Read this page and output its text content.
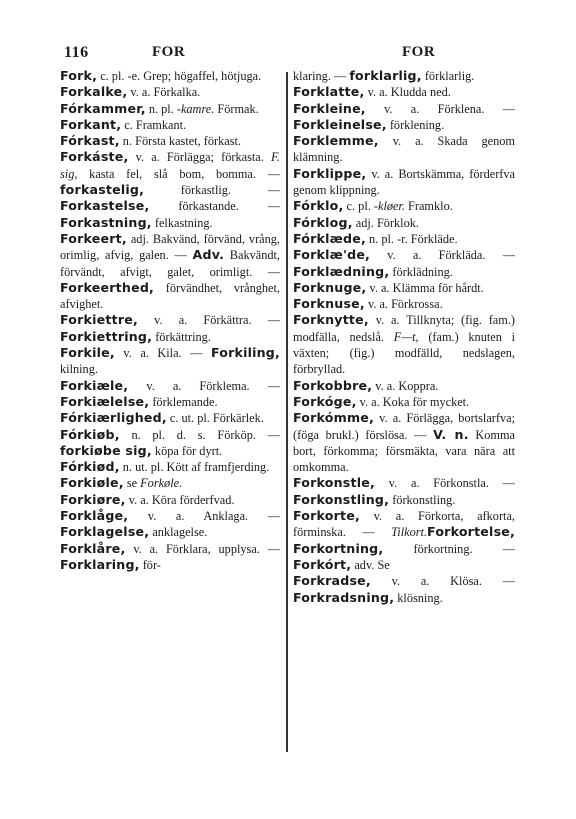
116	FOR	FOR

Fork, c. pl. -e. Grep; högaffel, hötjuga.

Forkalke, v. a. Förkalka.

Fórkammer, n. pl. -kamre. Förmak.

Forkant, c. Framkant.

Fórkast, n. Första kastet, förkast.

Forkáste, v. a. Förlägga; förkasta. F. sig, kasta fel, slå bom, bomma. — forkastelig, förkastlig. — Forkastelse, förkastande. — Forkastning, felkastning.

Forkeert, adj. Bakvänd, förvänd, vrång, orimlig, afvig, galen. — Adv. Bakvändt, förvändt, afvigt, galet, orimligt. — Forkeerthed, förvändhet, vrånghet, afvighet.

Forkiettre, v. a. Förkättra. — Forkiettring, förkättring.

Forkile, v. a. Kila. — Forkiling, kilning.

Forkiæle, v. a. Förklema. — Forkiælelse, förklemande.

Fórkiærlighed, c. ut. pl. Förkärlek.

Fórkiøb, n. pl. d. s. Förköp. — forkiøbe sig, köpa för dyrt.

Fórkiød, n. ut. pl. Kött af framfjerding.

Forkiøle, se Forkøle.

Forkiøre, v. a. Köra förderfvad.

Forklåge, v. a. Anklaga. — Forklagelse, anklagelse.

Forklåre, v. a. Förklara, upplysa. — Forklaring, för-

klaring. — forklarlig, förklarlig.

Forklatte, v. a. Kludda ned.

Forkleine, v. a. Förklena. — Forkleinelse, förklening.

Forklemme, v. a. Skada genom klämning.

Forklippe, v. a. Bortskämma, förderfva genom klippning.

Fórklo, c. pl. -kløer. Framklo.

Fórklog, adj. Förklok.

Fórklæde, n. pl. -r. Förkläde.

Forklæ'de, v. a. Förkläda. — Forklædning, förklädning.

Forknuge, v. a. Klämma för hårdt.

Forknuse, v. a. Förkrossa.

Forknytte, v. a. Tillknyta; (fig. fam.) modfälla, nedslå. F—t, (fam.) knuten i växten; (fig.) modfälld, nedslagen, förbryllad.

Forkobbre, v. a. Koppra.

Forkóge, v. a. Koka för mycket.

Forkómme, v. a. Förlägga, bortslarfva; (föga brukl.) förslösa. — V. n. Komma bort, förkomma; försmäkta, vara nära att omkomma.

Forkonstle, v. a. Förkonstla. — Forkonstling, förkonstling.

Forkorte, v. a. Förkorta, afkorta, förminska. — Tilkort.Forkortelse, Forkortning, förkortning. — Forkórt, adv. Se

Forkradse, v. a. Klösa. — Forkradsning, klösning.
